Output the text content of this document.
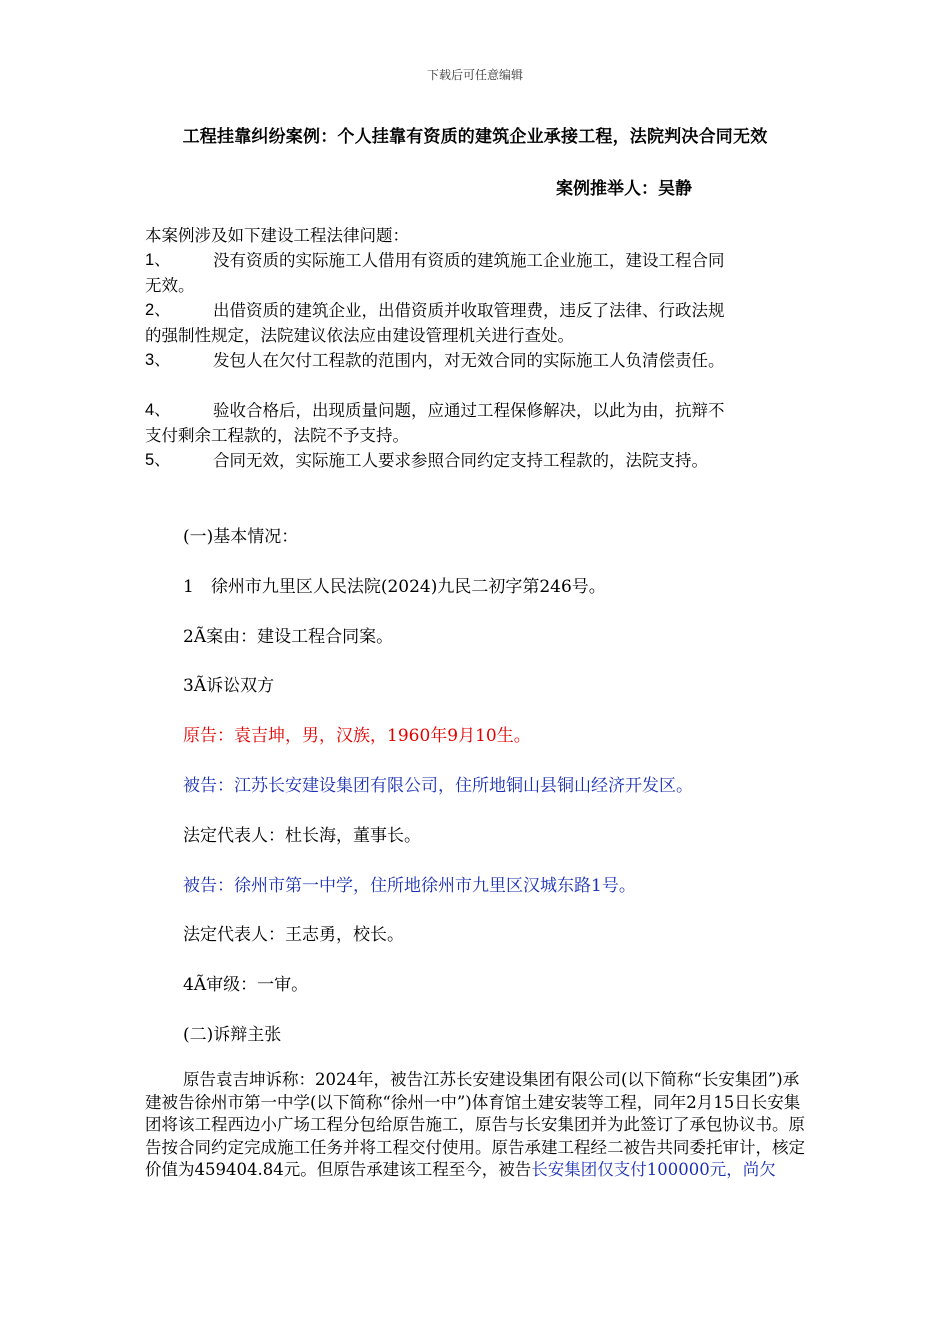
下载后可任意编辑
工程挂靠纠纷案例：个人挂靠有资质的建筑企业承接工程，法院判决合同无效
案例推举人：吴静

本案例涉及如下建设工程法律问题：

1、	没有资质的实际施工人借用有资质的建筑施工企业施工，建设工程合同

无效。

2、	出借资质的建筑企业，出借资质并收取管理费，违反了法律、行政法规

的强制性规定，法院建议依法应由建设管理机关进行查处。

3、	发包人在欠付工程款的范围内，对无效合同的实际施工人负清偿责任。
4、	验收合格后，出现质量问题，应通过工程保修解决，以此为由，抗辩不

支付剩余工程款的，法院不予支持。

5、	合同无效，实际施工人要求参照合同约定支持工程款的，法院支持。
(一)基本情况：
1　徐州市九里区人民法院(2024)九民二初字第246号。
2Ã案由：建设工程合同案。
3Ã诉讼双方
原告：袁吉坤，男，汉族，1960年9月10生。
被告：江苏长安建设集团有限公司，住所地铜山县铜山经济开发区。
法定代表人：杜长海，董事长。
被告：徐州市第一中学，住所地徐州市九里区汉城东路1号。
法定代表人：王志勇，校长。
4Ã审级：一审。
(二)诉辩主张
原告袁吉坤诉称：2024年，被告江苏长安建设集团有限公司(以下简称“长安集团”)承建被告徐州市第一中学(以下简称“徐州一中”)体育馆土建安装等工程，同年2月15日长安集团将该工程西边小广场工程分包给原告施工，原告与长安集团并为此签订了承包协议书。原告按合同约定完成施工任务并将工程交付使用。原告承建工程经二被告共同委托审计，核定价值为459404.84元。但原告承建该工程至今，被告长安集团仅支付100000元，尚欠
